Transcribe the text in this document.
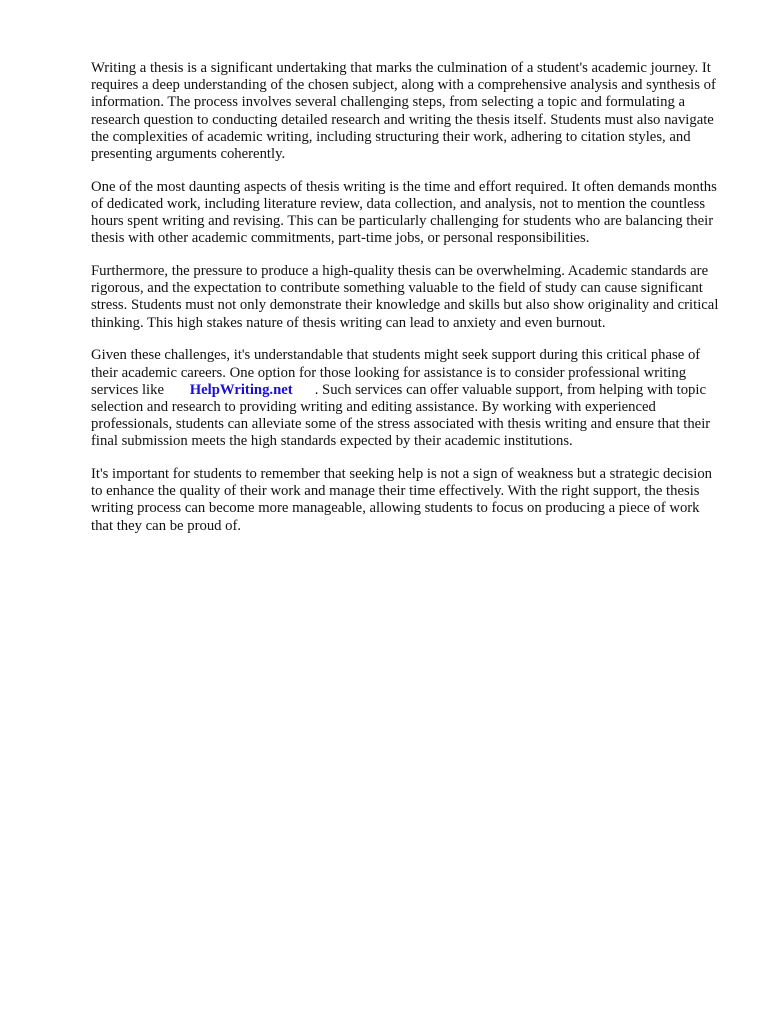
Writing a thesis is a significant undertaking that marks the culmination of a student's academic journey. It requires a deep understanding of the chosen subject, along with a comprehensive analysis and synthesis of information. The process involves several challenging steps, from selecting a topic and formulating a research question to conducting detailed research and writing the thesis itself. Students must also navigate the complexities of academic writing, including structuring their work, adhering to citation styles, and presenting arguments coherently.

One of the most daunting aspects of thesis writing is the time and effort required. It often demands months of dedicated work, including literature review, data collection, and analysis, not to mention the countless hours spent writing and revising. This can be particularly challenging for students who are balancing their thesis with other academic commitments, part-time jobs, or personal responsibilities.

Furthermore, the pressure to produce a high-quality thesis can be overwhelming. Academic standards are rigorous, and the expectation to contribute something valuable to the field of study can cause significant stress. Students must not only demonstrate their knowledge and skills but also show originality and critical thinking. This high stakes nature of thesis writing can lead to anxiety and even burnout.

Given these challenges, it's understandable that students might seek support during this critical phase of their academic careers. One option for those looking for assistance is to consider professional writing services like HelpWriting.net . Such services can offer valuable support, from helping with topic selection and research to providing writing and editing assistance. By working with experienced professionals, students can alleviate some of the stress associated with thesis writing and ensure that their final submission meets the high standards expected by their academic institutions.

It's important for students to remember that seeking help is not a sign of weakness but a strategic decision to enhance the quality of their work and manage their time effectively. With the right support, the thesis writing process can become more manageable, allowing students to focus on producing a piece of work that they can be proud of.
